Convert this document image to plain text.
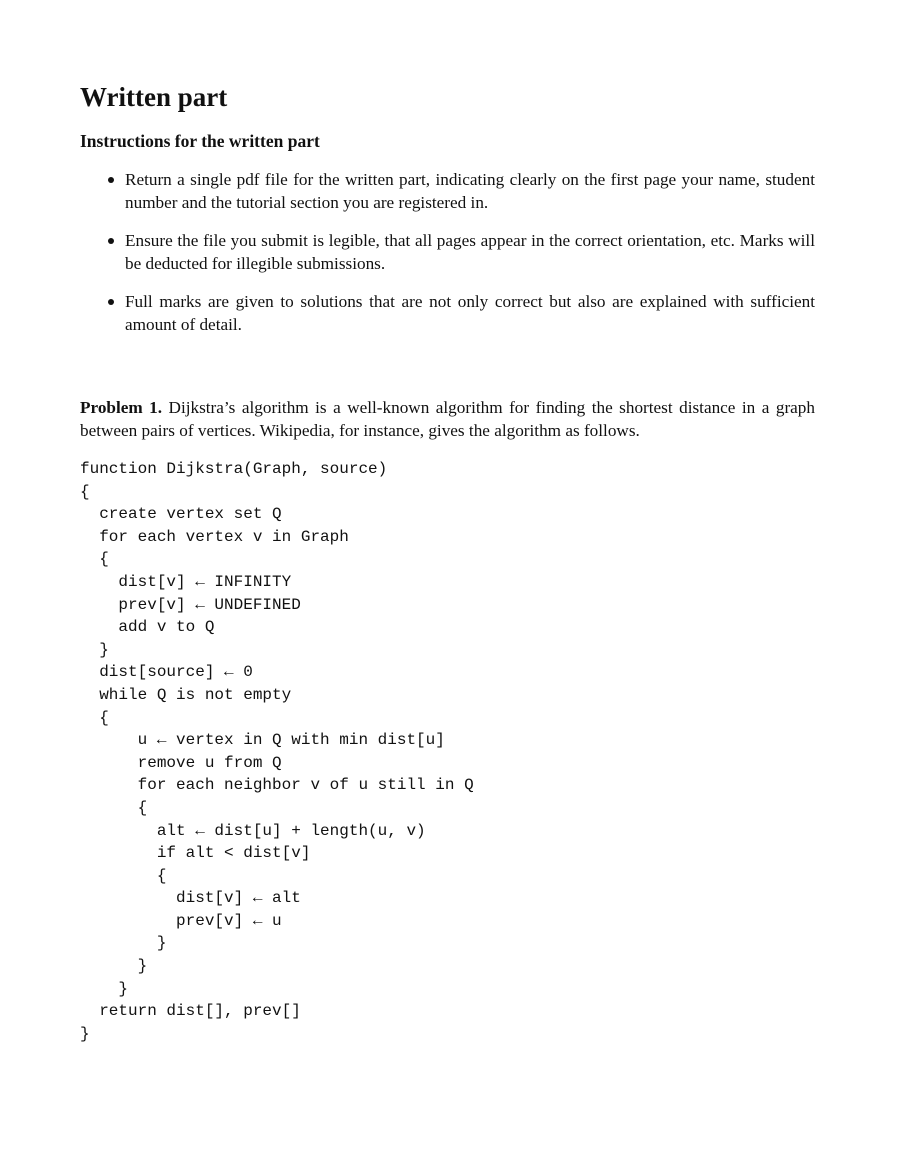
Written part
Instructions for the written part
Return a single pdf file for the written part, indicating clearly on the first page your name, student number and the tutorial section you are registered in.
Ensure the file you submit is legible, that all pages appear in the correct orientation, etc. Marks will be deducted for illegible submissions.
Full marks are given to solutions that are not only correct but also are explained with sufficient amount of detail.

Problem 1. Dijkstra’s algorithm is a well-known algorithm for finding the shortest distance in a graph between pairs of vertices. Wikipedia, for instance, gives the algorithm as follows.

function Dijkstra(Graph, source)
{
create vertex set Q
for each vertex v in Graph
{
dist[v] ← INFINITY
prev[v] ← UNDEFINED
add v to Q
}
dist[source] ← 0
while Q is not empty
{
u ← vertex in Q with min dist[u]
remove u from Q
for each neighbor v of u still in Q
{
alt ← dist[u] + length(u, v)
if alt < dist[v]
{
dist[v] ← alt
prev[v] ← u
}
}
}
return dist[], prev[]
}
